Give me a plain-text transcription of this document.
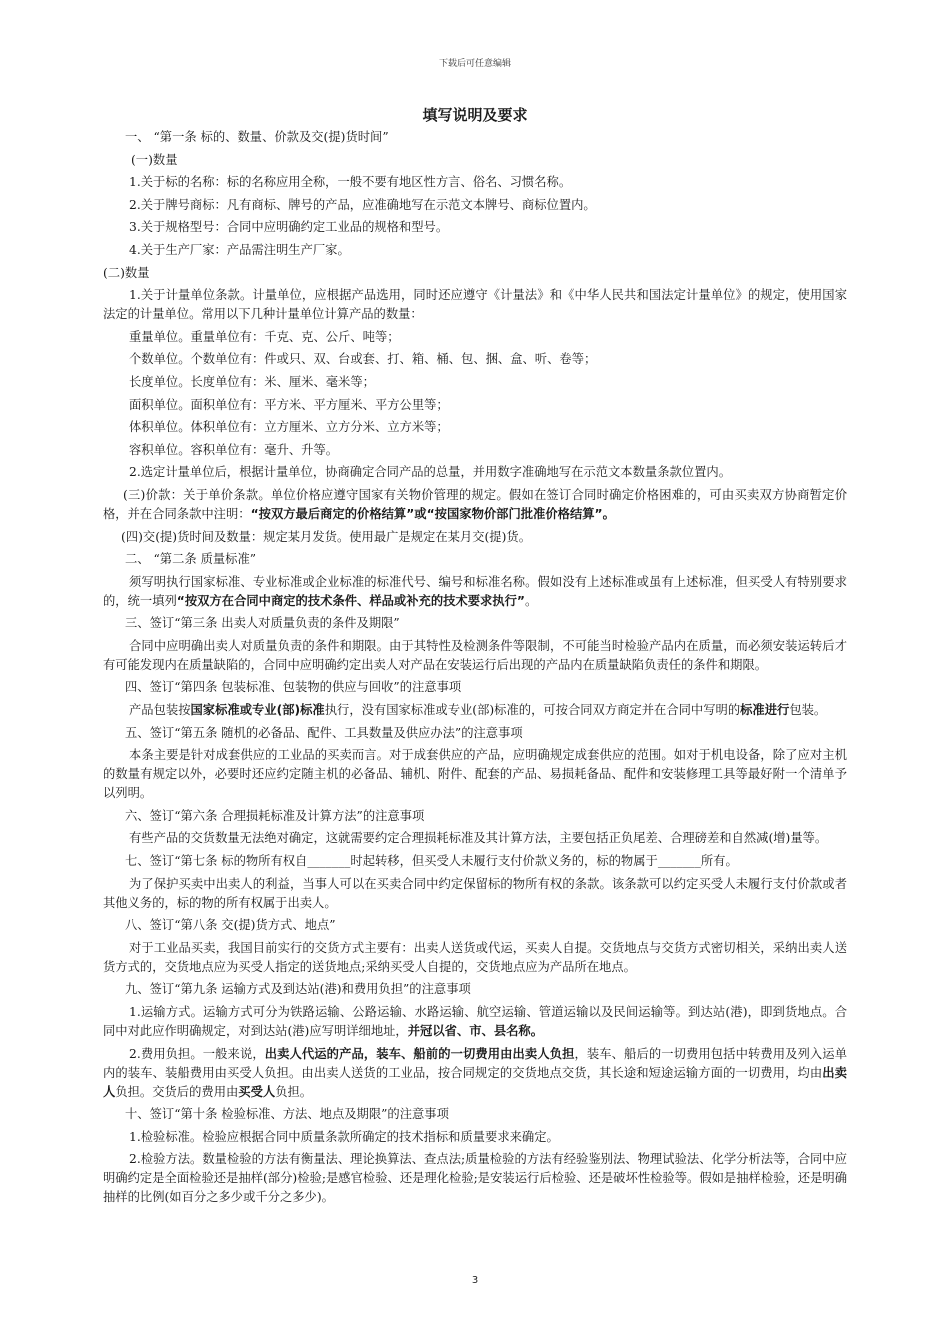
下载后可任意编辑
填写说明及要求
一、 “第一条 标的、数量、价款及交(提)货时间”
(一)数量
1.关于标的名称：标的名称应用全称，一般不要有地区性方言、俗名、习惯名称。
2.关于牌号商标：凡有商标、牌号的产品，应准确地写在示范文本牌号、商标位置内。
3.关于规格型号：合同中应明确约定工业品的规格和型号。
4.关于生产厂家：产品需注明生产厂家。
(二)数量
1.关于计量单位条款。计量单位，应根据产品选用，同时还应遵守《计量法》和《中华人民共和国法定计量单位》的规定，使用国家法定的计量单位。常用以下几种计量单位计算产品的数量：
重量单位。重量单位有：千克、克、公斤、吨等；
个数单位。个数单位有：件或只、双、台或套、打、箱、桶、包、捆、盒、听、卷等；
长度单位。长度单位有：米、厘米、毫米等；
面积单位。面积单位有：平方米、平方厘米、平方公里等；
体积单位。体积单位有：立方厘米、立方分米、立方米等；
容积单位。容积单位有：毫升、升等。
2.选定计量单位后，根据计量单位，协商确定合同产品的总量，并用数字准确地写在示范文本数量条款位置内。
(三)价款：关于单价条款。单位价格应遵守国家有关物价管理的规定。假如在签订合同时确定价格困难的，可由买卖双方协商暂定价格，并在合同条款中注明：“按双方最后商定的价格结算”或“按国家物价部门批准价格结算”。
(四)交(提)货时间及数量：规定某月发货。使用最广是规定在某月交(提)货。
二、 “第二条 质量标准”
须写明执行国家标准、专业标准或企业标准的标准代号、编号和标准名称。假如没有上述标准或虽有上述标准，但买受人有特别要求的，统一填列“按双方在合同中商定的技术条件、样品或补充的技术要求执行”。
三、签订“第三条 出卖人对质量负责的条件及期限”
合同中应明确出卖人对质量负责的条件和期限。由于其特性及检测条件等限制，不可能当时检验产品内在质量，而必须安装运转后才有可能发现内在质量缺陷的，合同中应明确约定出卖人对产品在安装运行后出现的产品内在质量缺陷负责任的条件和期限。
四、签订“第四条 包装标准、包装物的供应与回收”的注意事项
产品包装按国家标准或专业(部)标准执行，没有国家标准或专业(部)标准的，可按合同双方商定并在合同中写明的标准进行包装。
五、签订“第五条 随机的必备品、配件、工具数量及供应办法”的注意事项
本条主要是针对成套供应的工业品的买卖而言。对于成套供应的产品，应明确规定成套供应的范围。如对于机电设备，除了应对主机的数量有规定以外，必要时还应约定随主机的必备品、辅机、附件、配套的产品、易损耗备品、配件和安装修理工具等最好附一个清单予以列明。
六、签订“第六条 合理损耗标准及计算方法”的注意事项
有些产品的交货数量无法绝对确定，这就需要约定合理损耗标准及其计算方法，主要包括正负尾差、合理磅差和自然减(增)量等。
七、签订“第七条 标的物所有权自_______时起转移，但买受人未履行支付价款义务的，标的物属于_______所有。
为了保护买卖中出卖人的利益，当事人可以在买卖合同中约定保留标的物所有权的条款。该条款可以约定买受人未履行支付价款或者其他义务的，标的物的所有权属于出卖人。
八、签订“第八条 交(提)货方式、地点”
对于工业品买卖，我国目前实行的交货方式主要有：出卖人送货或代运，买卖人自提。交货地点与交货方式密切相关，采纳出卖人送货方式的，交货地点应为买受人指定的送货地点;采纳买受人自提的，交货地点应为产品所在地点。
九、签订“第九条 运输方式及到达站(港)和费用负担”的注意事项
1.运输方式。运输方式可分为铁路运输、公路运输、水路运输、航空运输、管道运输以及民间运输等。到达站(港)，即到货地点。合同中对此应作明确规定，对到达站(港)应写明详细地址，并冠以省、市、县名称。
2.费用负担。一般来说，出卖人代运的产品，装车、船前的一切费用由出卖人负担，装车、船后的一切费用包括中转费用及列入运单内的装车、装船费用由买受人负担。由出卖人送货的工业品，按合同规定的交货地点交货，其长途和短途运输方面的一切费用，均由出卖人负担。交货后的费用由买受人负担。
十、签订“第十条 检验标准、方法、地点及期限”的注意事项
1.检验标准。检验应根据合同中质量条款所确定的技术指标和质量要求来确定。
2.检验方法。数量检验的方法有衡量法、理论换算法、查点法;质量检验的方法有经验鉴别法、物理试验法、化学分析法等，合同中应明确约定是全面检验还是抽样(部分)检验;是感官检验、还是理化检验;是安装运行后检验、还是破坏性检验等。假如是抽样检验，还是明确抽样的比例(如百分之多少或千分之多少)。
3
